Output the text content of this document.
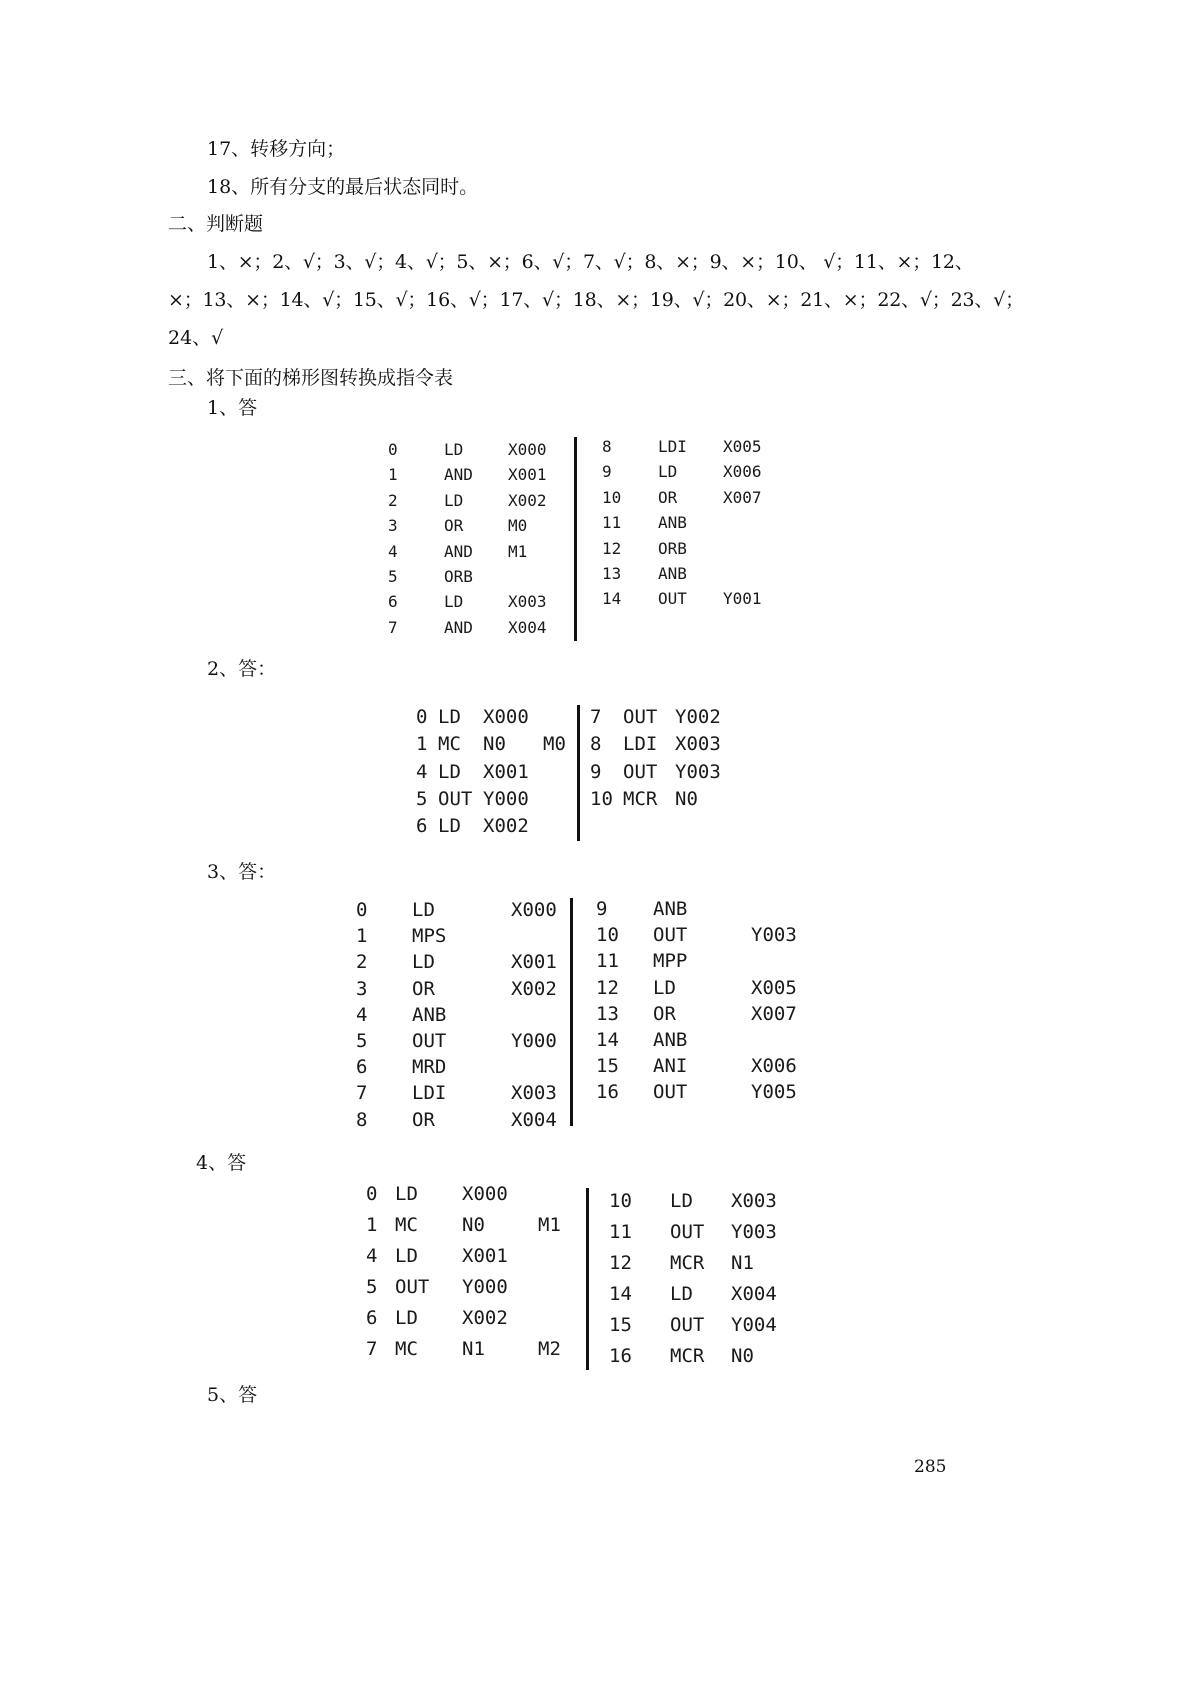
17、转移方向；
18、所有分支的最后状态同时。
二、判断题
1、×；2、√；3、√；4、√；5、×；6、√；7、√；8、×；9、×；10、 √；11、×；12、
×；13、×；14、√；15、√；16、√；17、√；18、×；19、√；20、×；21、×；22、√；23、√；
24、√
三、将下面的梯形图转换成指令表
1、答
2、答：
3、答：
4、答
5、答
0	LD	X000
1	AND X001
2	LD	X002
3	OR	M0
4	AND M1
5	ORB
6	LD	X003
7	AND X004
8	LDI X005
9	LD	X006
10 OR	X007
11 ANB
12 ORB
13 ANB
14 OUT Y001
0 LD X000
1 MC N0 M0
4 LD X001
5 OUT Y000
6 LD X002
7 OUT Y002
8 LDI X003
9 OUT Y003
10 MCR N0
0 LD	X000
1 MPS
2 LD	X001
3 OR	X002
4 ANB
5 OUT	Y000
6 MRD
7 LDI	X003
8 OR	X004
9 ANB
10 OUT	Y003
11 MPP
12 LD	X005
13 OR	X007
14 ANB
15 ANI	X006
16 OUT	Y005
0 LD X000
1 MC N0	M1
4 LD X001
5 OUT Y000
6 LD X002
7 MC N1	M2
10 LD X003
11 OUT Y003
12 MCR N1
14 LD X004
15 OUT Y004
16 MCR N0
285
